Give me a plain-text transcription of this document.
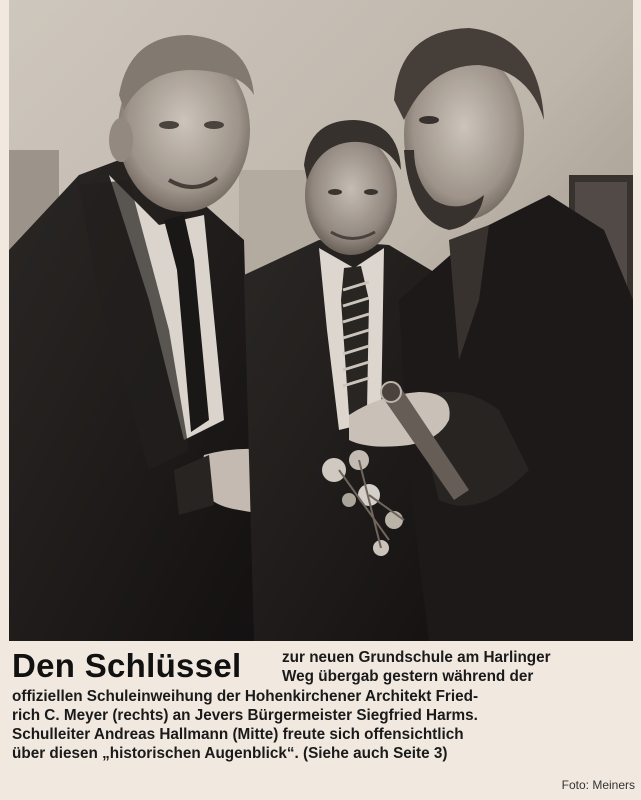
Den Schlüssel	zur neuen Grundschule am Harlinger
Weg übergab gestern während der
offiziellen Schuleinweihung der Hohenkirchener Architekt Fried-
rich C. Meyer (rechts) an Jevers Bürgermeister Siegfried Harms.
Schulleiter Andreas Hallmann (Mitte) freute sich offensichtlich
über diesen „historischen Augenblick“. (Siehe auch Seite 3)
Foto: Meiners
